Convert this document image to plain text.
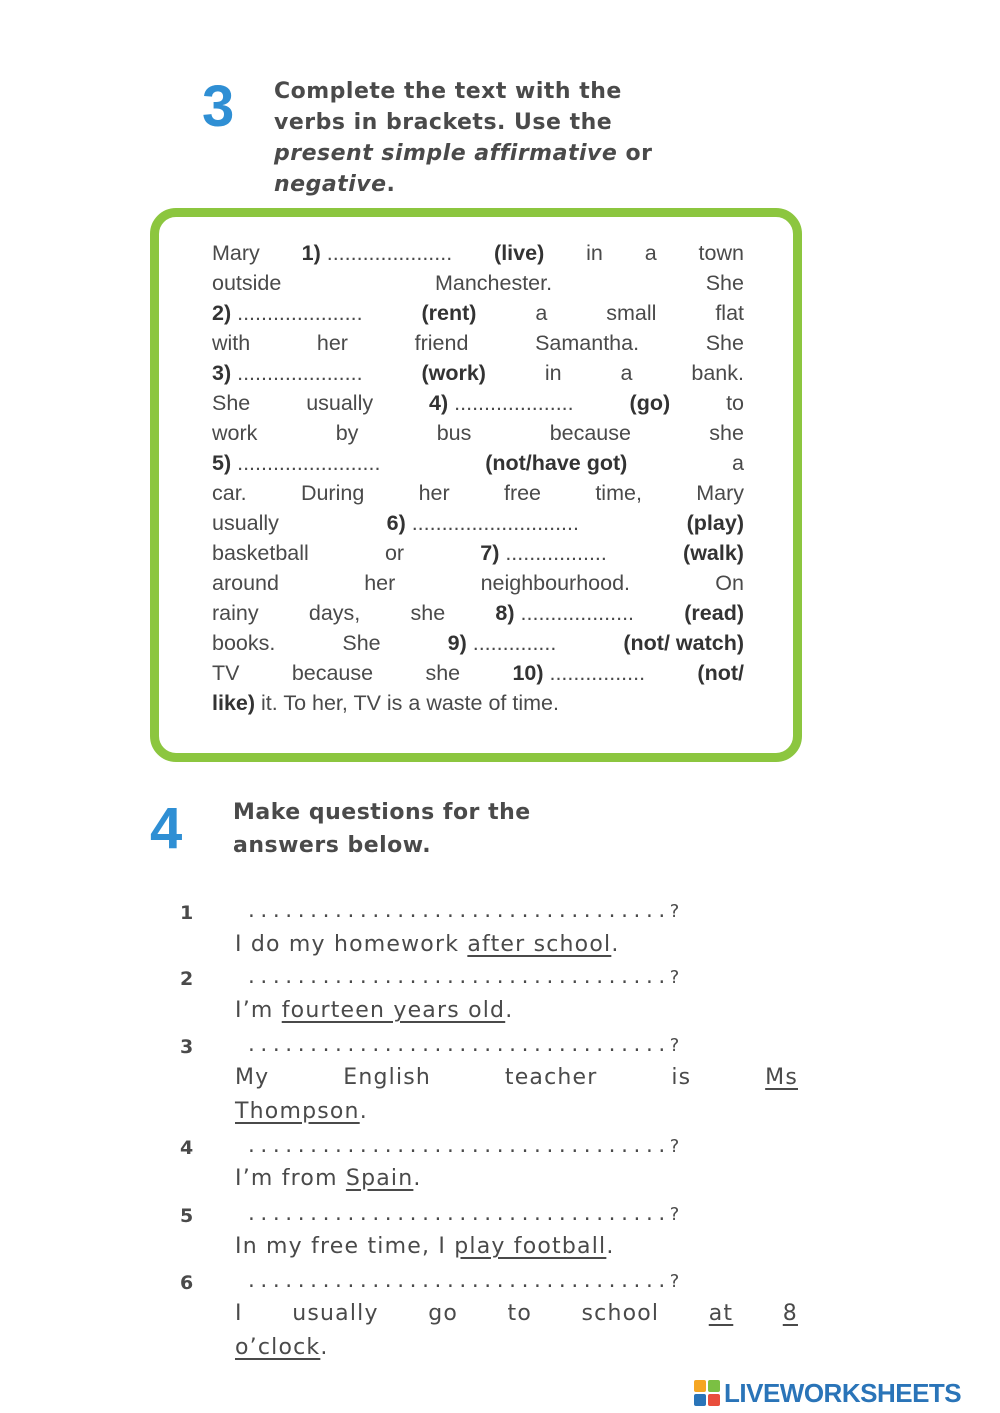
3 Complete the text with the
verbs in brackets. Use the
present simple affirmative or
negative.
Mary 1) ..................... (live) in a town
outside	Manchester.	She
2) .....................	(rent)	a	small	flat
with	her	friend	Samantha.	She
3) .....................	(work)	in	a	bank.
She	usually	4) ....................	(go)	to
work	by	bus	because	she
5) ........................	(not/have got)	a
car.	During	her	free	time,	Mary
usually	6) ............................	(play)
basketball	or	7) .................	(walk)
around	her	neighbourhood.	On
rainy days, she 8) ................... (read)
books.	She	9) ..............	(not/ watch)
TV because she 10) ................ (not/
like) it. To her, TV is a waste of time.
4 Make questions for the
answers below.
1	..................................?
I do my homework after school.
2	..................................?
I’m fourteen years old.
3	..................................?
My	English	teacher	is	Ms
Thompson.
4	..................................?
I’m from Spain.
5	..................................?
In my free time, I play football.
6	..................................?
I usually go to school at 8
o’clock.
LIVEWORKSHEETS
